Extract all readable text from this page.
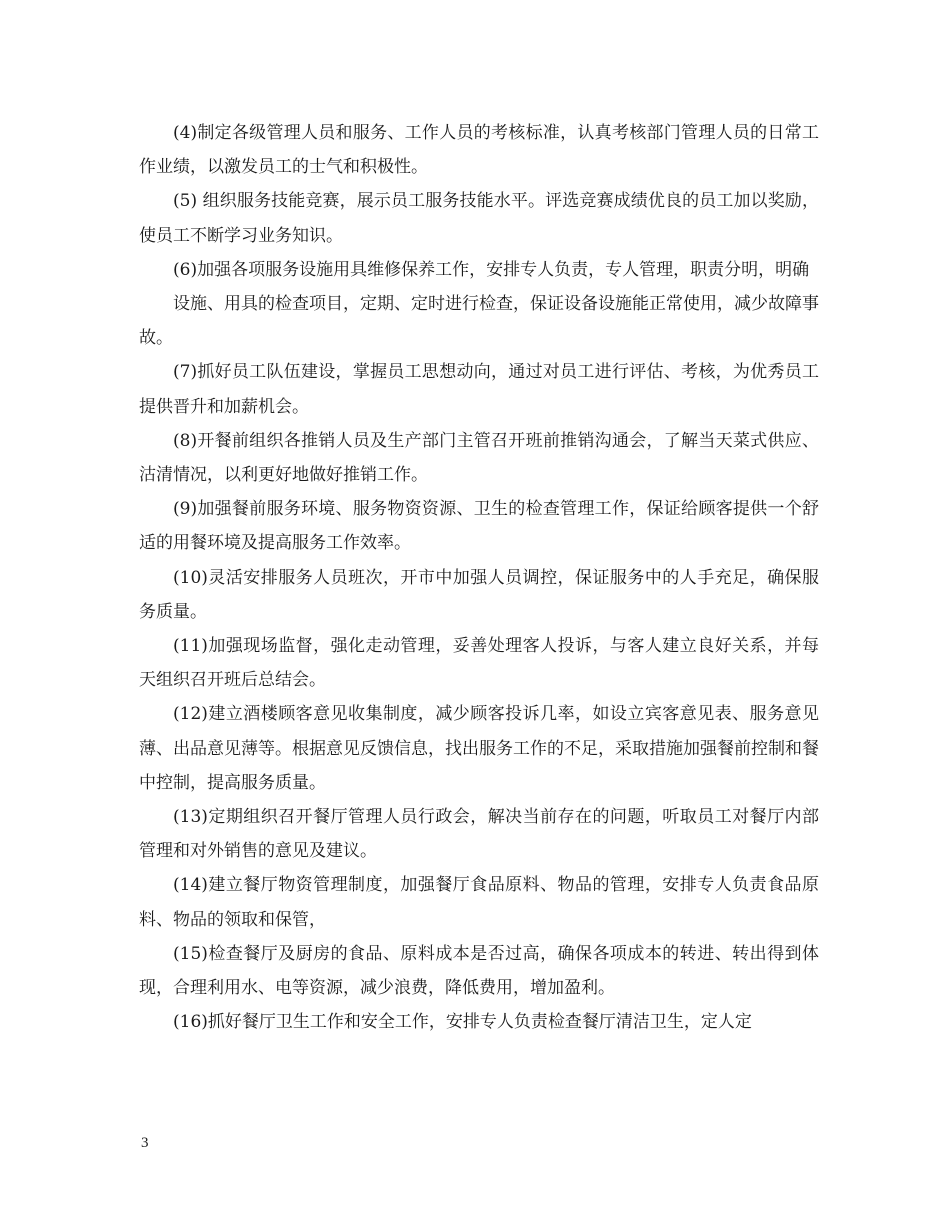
(4)制定各级管理人员和服务、工作人员的考核标准，认真考核部门管理人员的日常工作业绩，以激发员工的士气和积极性。

(5) 组织服务技能竞赛，展示员工服务技能水平。评选竞赛成绩优良的员工加以奖励，使员工不断学习业务知识。

(6)加强各项服务设施用具维修保养工作，安排专人负责，专人管理，职责分明，明确

设施、用具的检查项目，定期、定时进行检查，保证设备设施能正常使用，减少故障事故。

(7)抓好员工队伍建设，掌握员工思想动向，通过对员工进行评估、考核，为优秀员工提供晋升和加薪机会。

(8)开餐前组织各推销人员及生产部门主管召开班前推销沟通会，了解当天菜式供应、沽清情况，以利更好地做好推销工作。

(9)加强餐前服务环境、服务物资资源、卫生的检查管理工作，保证给顾客提供一个舒适的用餐环境及提高服务工作效率。

(10)灵活安排服务人员班次，开市中加强人员调控，保证服务中的人手充足，确保服务质量。

(11)加强现场监督，强化走动管理，妥善处理客人投诉，与客人建立良好关系，并每天组织召开班后总结会。

(12)建立酒楼顾客意见收集制度，减少顾客投诉几率，如设立宾客意见表、服务意见薄、出品意见薄等。根据意见反馈信息，找出服务工作的不足，采取措施加强餐前控制和餐中控制，提高服务质量。

(13)定期组织召开餐厅管理人员行政会，解决当前存在的问题，听取员工对餐厅内部管理和对外销售的意见及建议。

(14)建立餐厅物资管理制度，加强餐厅食品原料、物品的管理，安排专人负责食品原料、物品的领取和保管，

(15)检查餐厅及厨房的食品、原料成本是否过高，确保各项成本的转进、转出得到体现，合理利用水、电等资源，减少浪费，降低费用，增加盈利。

(16)抓好餐厅卫生工作和安全工作，安排专人负责检查餐厅清洁卫生，定人定

3
